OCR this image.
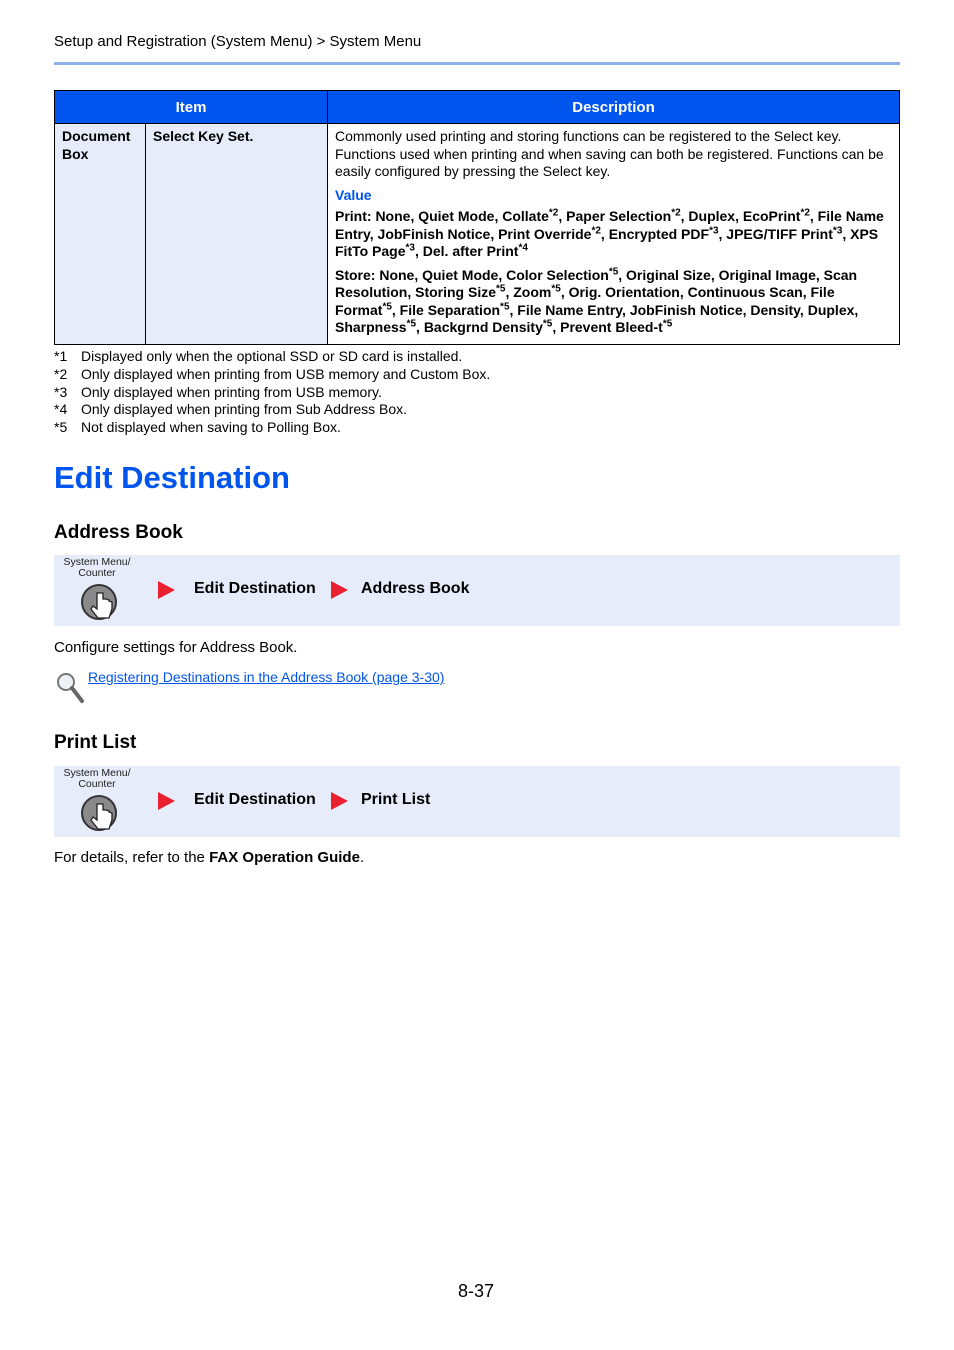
Setup and Registration (System Menu) > System Menu
Item		Description
Document Box	Select Key Set.	Commonly used printing and storing functions can be registered to the Select key. Functions used when printing and when saving can both be registered. Functions can be easily configured by pressing the Select key.
Value
Print: None, Quiet Mode, Collate$^{*2}$, Paper Selection$^{*2}$, Duplex, EcoPrint$^{*2}$, File Name Entry, JobFinish Notice, Print Override$^{*2}$, Encrypted PDF$^{*3}$, JPEG/TIFF Print$^{*3}$, XPS FitTo Page$^{*3}$, Del. after Print$^{*4}$
Store: None, Quiet Mode, Color Selection$^{*5}$, Original Size, Original Image, Scan Resolution, Storing Size$^{*5}$, Zoom$^{*5}$, Orig. Orientation, Continuous Scan, File Format$^{*5}$, File Separation$^{*5}$, File Name Entry, JobFinish Notice, Density, Duplex, Sharpness$^{*5}$, Backgrnd Density$^{*5}$, Prevent Bleed-$t^{*5}$
*1 Displayed only when the optional SSD or SD card is installed.
*2 Only displayed when printing from USB memory and Custom Box.
*3 Only displayed when printing from USB memory.
*4 Only displayed when printing from Sub Address Box.
*5 Not displayed when saving to Polling Box.
Edit Destination
Address Book
System Menu/
Counter
Edit Destination	Address Book
Configure settings for Address Book.
Registering Destinations in the Address Book (page 3-30)
Print List
System Menu/
Counter
Edit Destination	Print List
For details, refer to the FAX Operation Guide.
8-37
